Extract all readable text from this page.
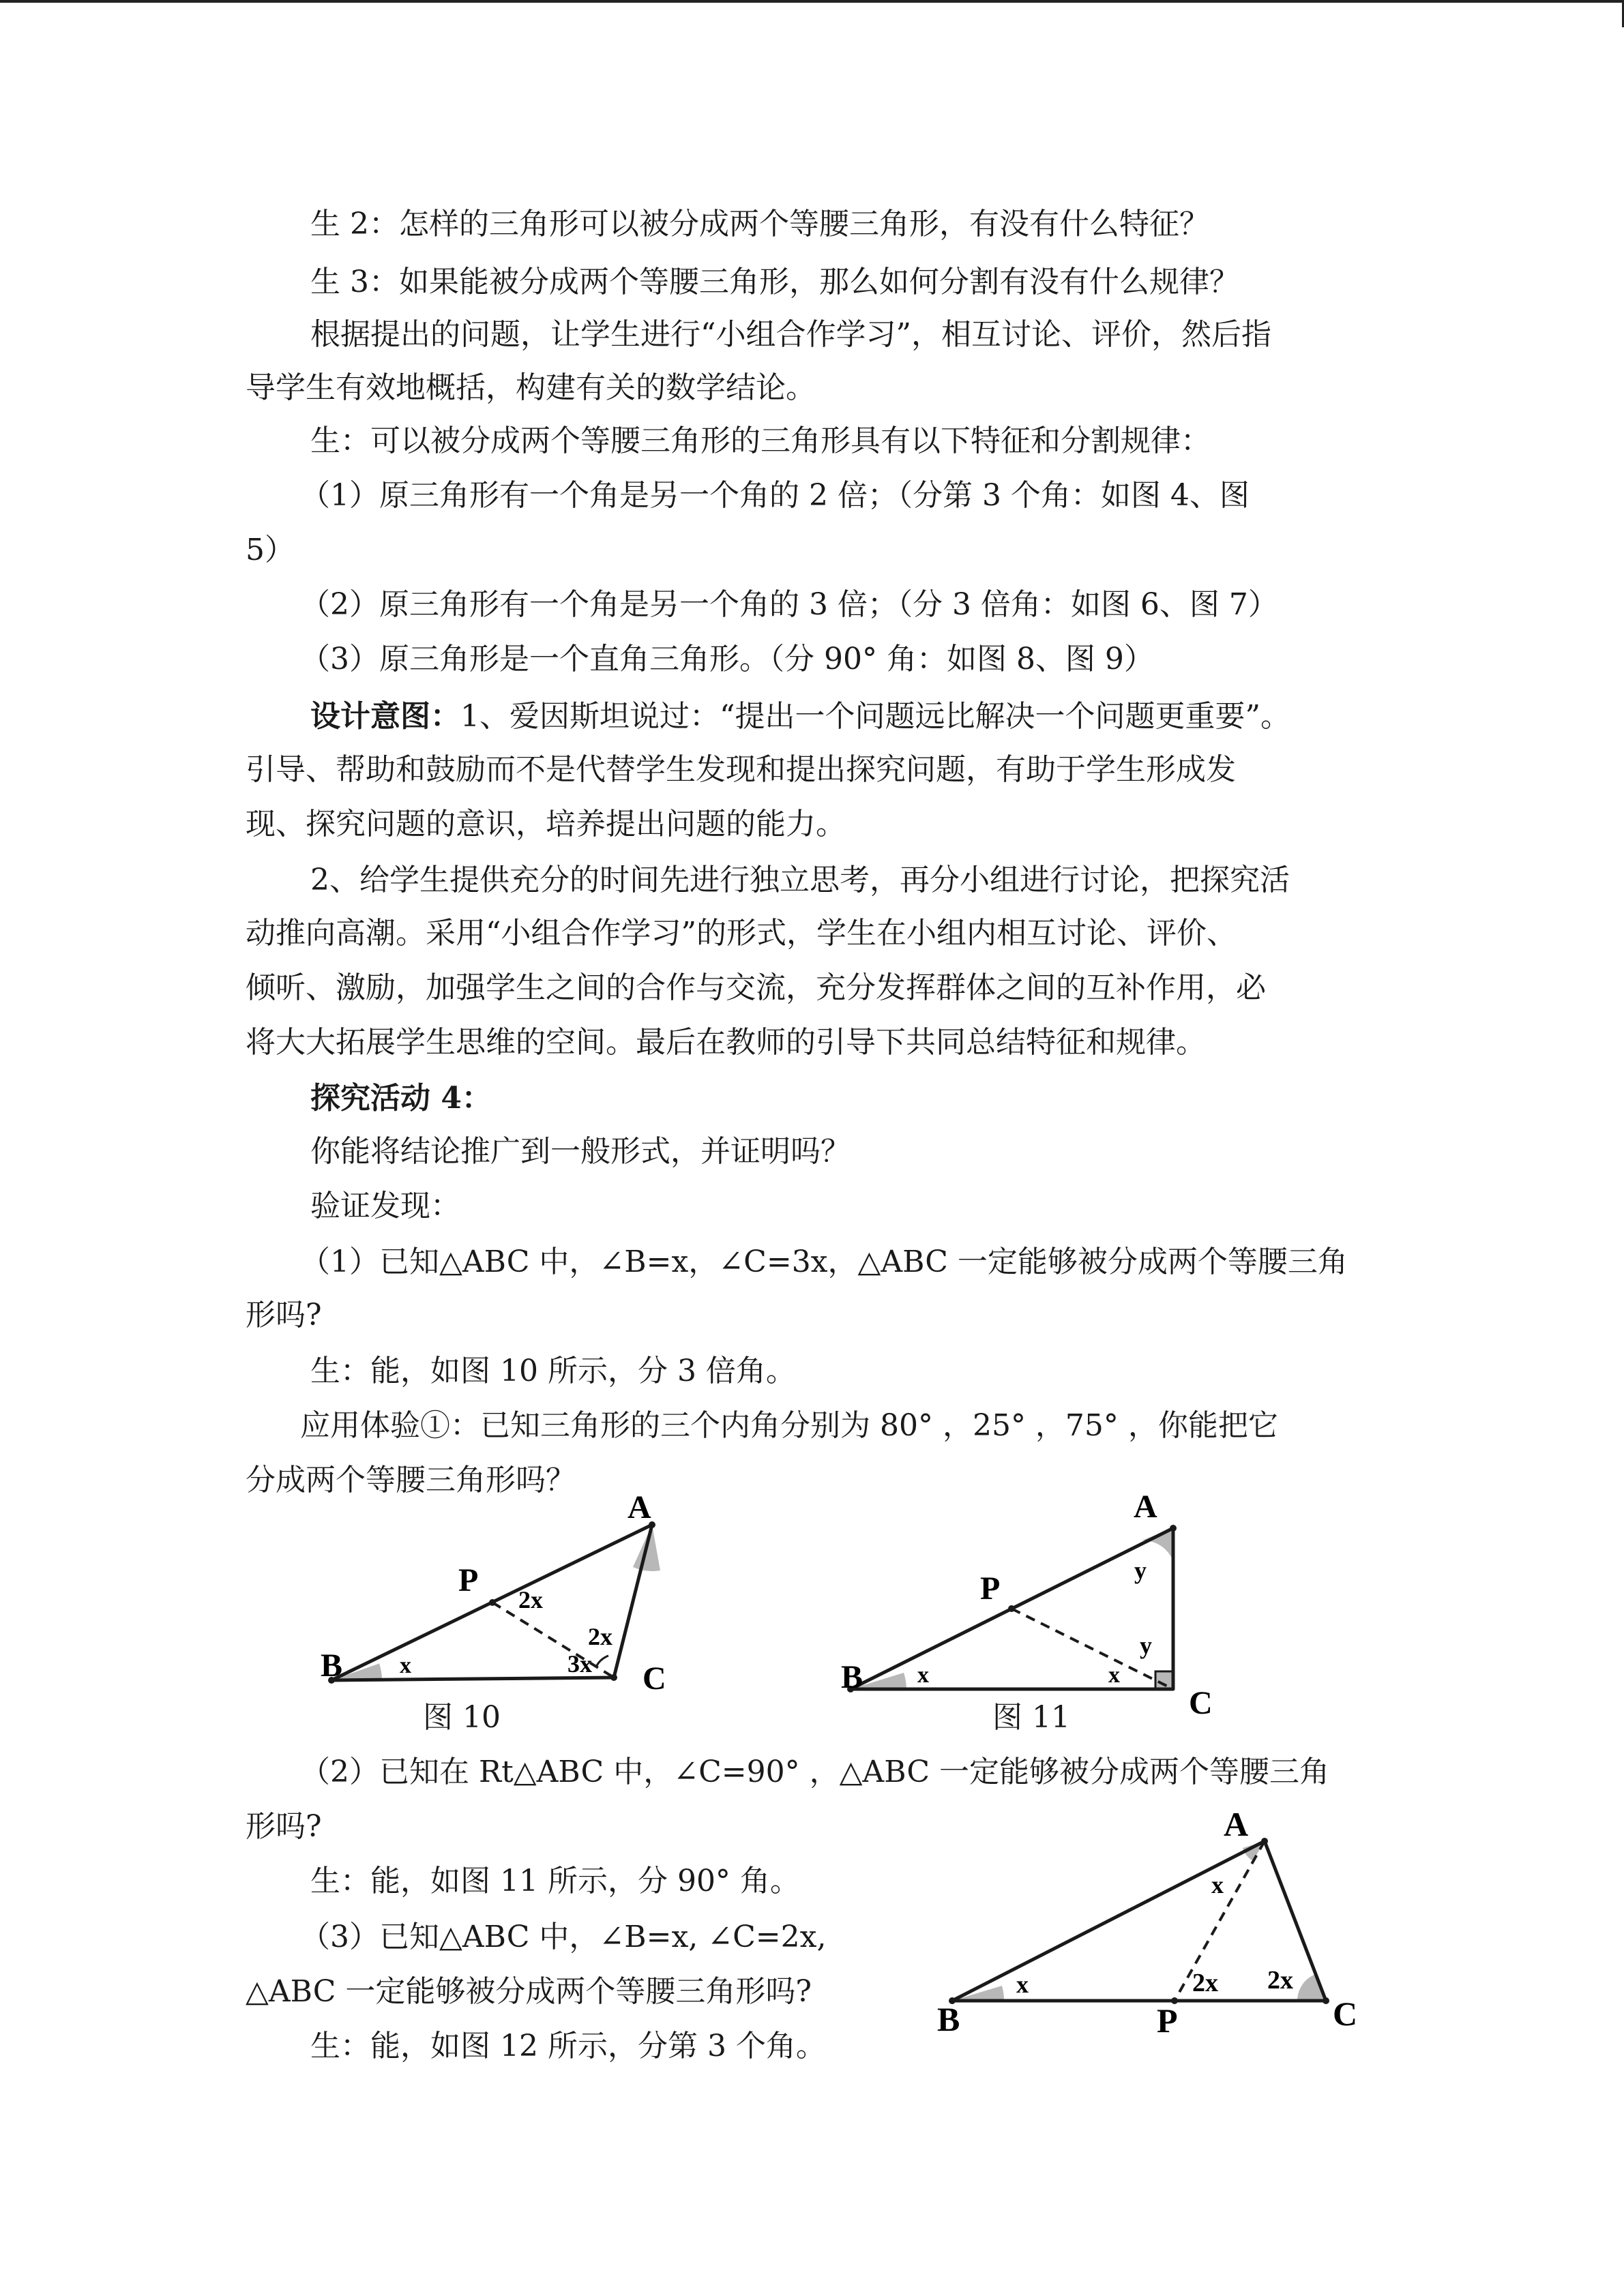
生 2：怎样的三角形可以被分成两个等腰三角形，有没有什么特征？
生 3：如果能被分成两个等腰三角形，那么如何分割有没有什么规律？
根据提出的问题，让学生进行“小组合作学习”，相互讨论、评价，然后指
导学生有效地概括，构建有关的数学结论。
生：可以被分成两个等腰三角形的三角形具有以下特征和分割规律：
（1）原三角形有一个角是另一个角的 2 倍；（分第 3 个角：如图 4、图
5）
（2）原三角形有一个角是另一个角的 3 倍；（分 3 倍角：如图 6、图 7）
（3）原三角形是一个直角三角形。（分 90° 角：如图 8、图 9）
设计意图：1、爱因斯坦说过：“提出一个问题远比解决一个问题更重要”。
引导、帮助和鼓励而不是代替学生发现和提出探究问题，有助于学生形成发
现、探究问题的意识，培养提出问题的能力。
2、给学生提供充分的时间先进行独立思考，再分小组进行讨论，把探究活
动推向高潮。采用“小组合作学习”的形式，学生在小组内相互讨论、评价、
倾听、激励，加强学生之间的合作与交流，充分发挥群体之间的互补作用，必
将大大拓展学生思维的空间。最后在教师的引导下共同总结特征和规律。
探究活动 4：
你能将结论推广到一般形式，并证明吗？
验证发现：
（1）已知△ABC 中，∠B=x，∠C=3x，△ABC 一定能够被分成两个等腰三角
形吗?
生：能，如图 10 所示，分 3 倍角。
应用体验①：已知三角形的三个内角分别为 80° ，25° ，75° ，你能把它
分成两个等腰三角形吗？
A
B	C
P
x
2x
2x
3x
图 10
A
B
C
P
x
y
y
x
图 11
（2）已知在 Rt△ABC 中，∠C=90° ，△ABC 一定能够被分成两个等腰三角
形吗?
生：能，如图 11 所示，分 90° 角。
（3）已知△ABC 中，∠B=x, ∠C=2x,
△ABC 一定能够被分成两个等腰三角形吗?
生：能，如图 12 所示，分第 3 个角。
A
B	C
P
x
x
2x 2x
